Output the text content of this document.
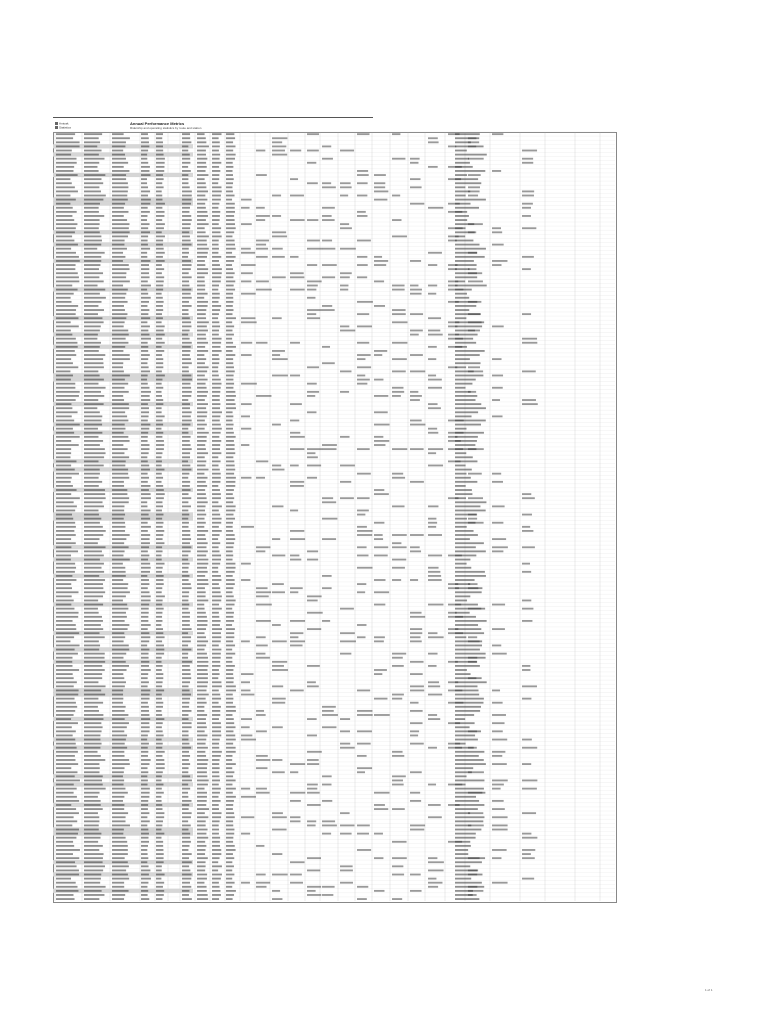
Amtrak
Statistics
Annual Performance Metrics
Ridership and operating statistics by route and station
1 of 1
